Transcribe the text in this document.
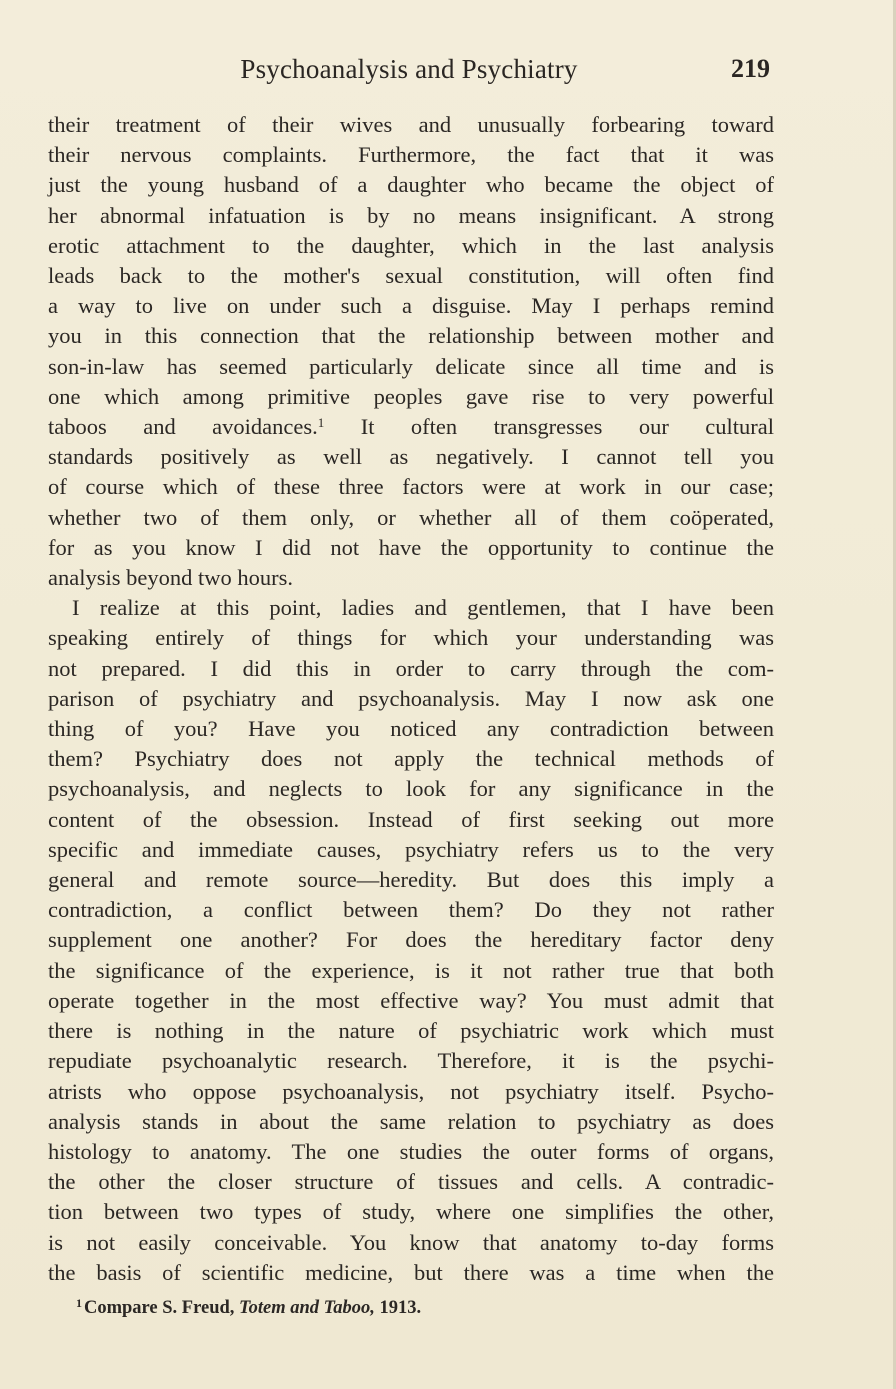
Psychoanalysis and Psychiatry	219
their treatment of their wives and unusually forbearing toward
their nervous complaints. Furthermore, the fact that it was
just the young husband of a daughter who became the object of
her abnormal infatuation is by no means insignificant. A strong
erotic attachment to the daughter, which in the last analysis
leads back to the mother's sexual constitution, will often find
a way to live on under such a disguise. May I perhaps remind
you in this connection that the relationship between mother and
son-in-law has seemed particularly delicate since all time and is
one which among primitive peoples gave rise to very powerful
taboos and avoidances.$^1$ It often transgresses our cultural
standards positively as well as negatively. I cannot tell you
of course which of these three factors were at work in our case;
whether two of them only, or whether all of them coöperated,
for as you know I did not have the opportunity to continue the
analysis beyond two hours.
I realize at this point, ladies and gentlemen, that I have been
speaking entirely of things for which your understanding was
not prepared. I did this in order to carry through the com-
parison of psychiatry and psychoanalysis. May I now ask one
thing of you? Have you noticed any contradiction between
them? Psychiatry does not apply the technical methods of
psychoanalysis, and neglects to look for any significance in the
content of the obsession. Instead of first seeking out more
specific and immediate causes, psychiatry refers us to the very
general and remote source—heredity. But does this imply a
contradiction, a conflict between them? Do they not rather
supplement one another? For does the hereditary factor deny
the significance of the experience, is it not rather true that both
operate together in the most effective way? You must admit that
there is nothing in the nature of psychiatric work which must
repudiate psychoanalytic research. Therefore, it is the psychi-
atrists who oppose psychoanalysis, not psychiatry itself. Psycho-
analysis stands in about the same relation to psychiatry as does
histology to anatomy. The one studies the outer forms of organs,
the other the closer structure of tissues and cells. A contradic-
tion between two types of study, where one simplifies the other,
is not easily conceivable. You know that anatomy to-day forms
the basis of scientific medicine, but there was a time when the
$^1$ Compare S. Freud, Totem and Taboo, 1913.
